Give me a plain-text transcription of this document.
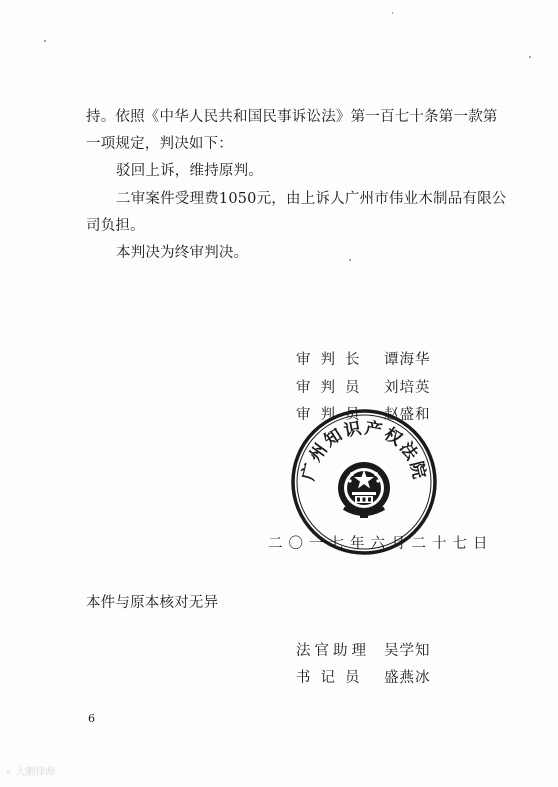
持。依照《中华人民共和国民事诉讼法》第一百七十条第一款第
一项规定，判决如下：
驳回上诉，维持原判。
二审案件受理费1050元，由上诉人广州市伟业木制品有限公
司负担。
本判决为终审判决。
审判长 谭海华
审判员 刘培英
审判员 赵盛和
广州知识产权法院
二〇一七年六月二十七日
本件与原本核对无异
法官助理 吴学知
书记员 盛燕冰
6
⚬ 大鹏律师
